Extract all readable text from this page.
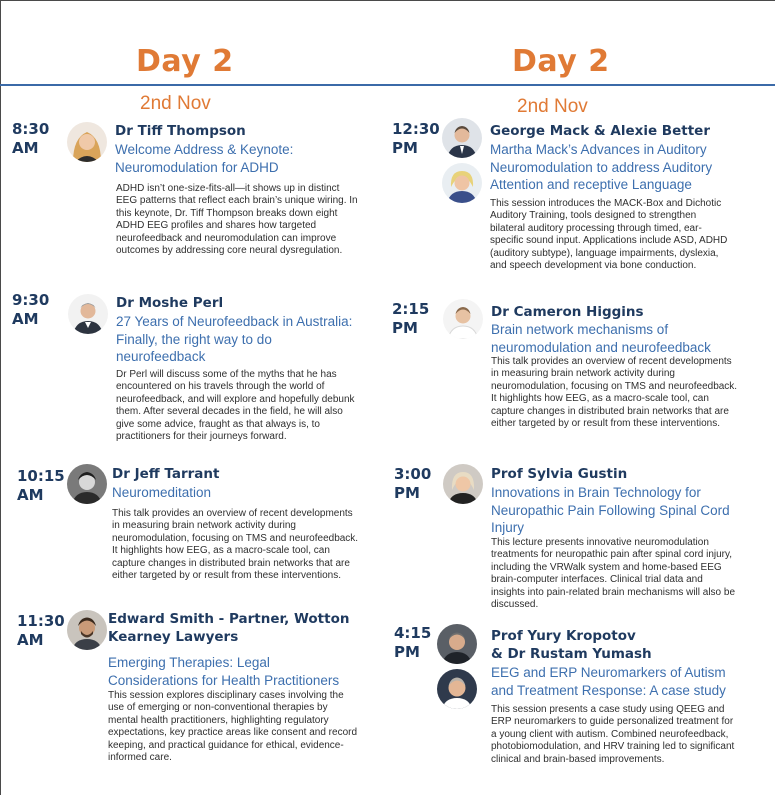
Day 2	Day 2
2nd Nov	2nd Nov
8:30
AM
Dr Tiff Thompson
Welcome Address & Keynote:
Neuromodulation for ADHD
ADHD isn’t one-size-fits-all—it shows up in distinct EEG patterns that reflect each brain’s unique wiring. In this keynote, Dr. Tiff Thompson breaks down eight ADHD EEG profiles and shares how targeted neurofeedback and neuromodulation can improve outcomes by addressing core neural dysregulation.
9:30
AM
Dr Moshe Perl
27 Years of Neurofeedback in Australia:
Finally, the right way to do
neurofeedback
Dr Perl will discuss some of the myths that he has encountered on his travels through the world of neurofeedback, and will explore and hopefully debunk them. After several decades in the field, he will also give some advice, fraught as that always is, to practitioners for their journeys forward.
10:15
AM
Dr Jeff Tarrant
Neuromeditation
This talk provides an overview of recent developments in measuring brain network activity during neuromodulation, focusing on TMS and neurofeedback. It highlights how EEG, as a macro-scale tool, can capture changes in distributed brain networks that are either targeted by or result from these interventions.
11:30
AM
Edward Smith - Partner, Wotton
Kearney Lawyers
Emerging Therapies: Legal
Considerations for Health Practitioners
This session explores disciplinary cases involving the use of emerging or non-conventional therapies by mental health practitioners, highlighting regulatory expectations, key practice areas like consent and record keeping, and practical guidance for ethical, evidence-informed care.
12:30
PM
George Mack & Alexie Better
Martha Mack’s Advances in Auditory
Neuromodulation to address Auditory
Attention and receptive Language
This session introduces the MACK-Box and Dichotic Auditory Training, tools designed to strengthen bilateral auditory processing through timed, ear-specific sound input. Applications include ASD, ADHD (auditory subtype), language impairments, dyslexia, and speech development via bone conduction.
2:15
PM
Dr Cameron Higgins
Brain network mechanisms of
neuromodulation and neurofeedback
This talk provides an overview of recent developments in measuring brain network activity during neuromodulation, focusing on TMS and neurofeedback. It highlights how EEG, as a macro-scale tool, can capture changes in distributed brain networks that are either targeted by or result from these interventions.
3:00
PM
Prof Sylvia Gustin
Innovations in Brain Technology for
Neuropathic Pain Following Spinal Cord
Injury
This lecture presents innovative neuromodulation treatments for neuropathic pain after spinal cord injury, including the VRWalk system and home-based EEG brain-computer interfaces. Clinical trial data and insights into pain-related brain mechanisms will also be discussed.
4:15
PM
Prof Yury Kropotov
& Dr Rustam Yumash
EEG and ERP Neuromarkers of Autism
and Treatment Response: A case study
This session presents a case study using QEEG and ERP neuromarkers to guide personalized treatment for a young client with autism. Combined neurofeedback, photobiomodulation, and HRV training led to significant clinical and brain-based improvements.
